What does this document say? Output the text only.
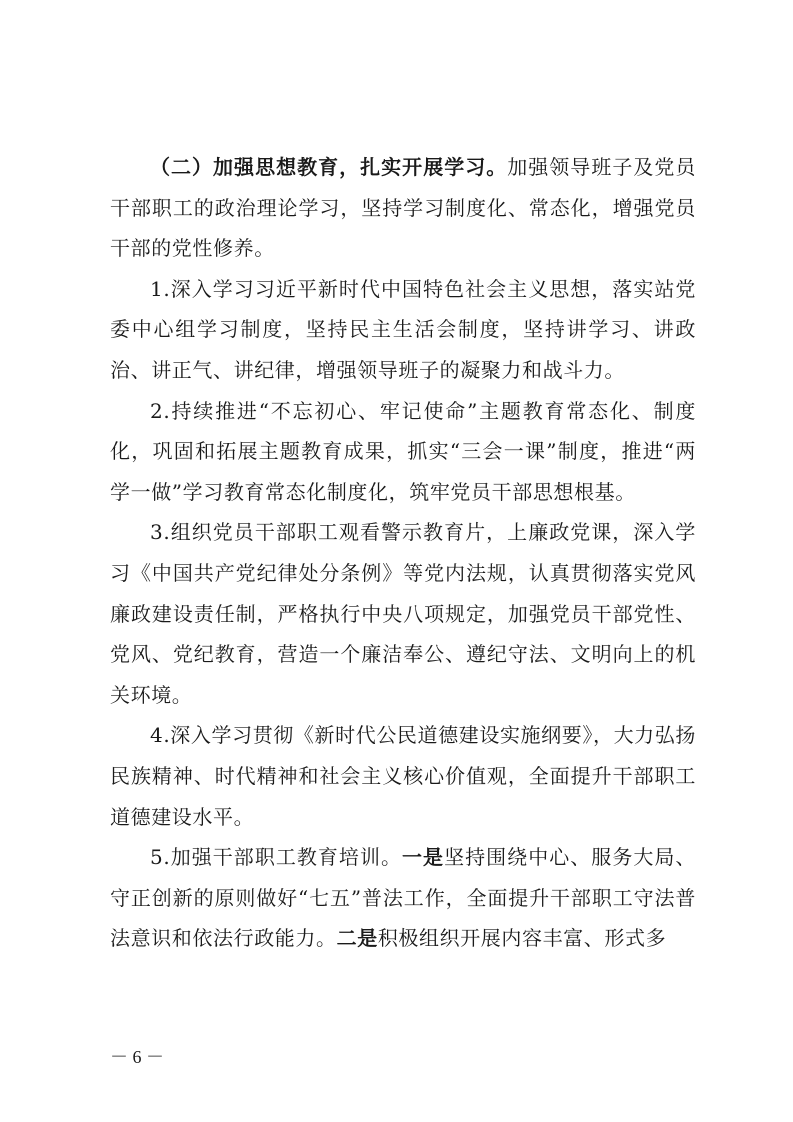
（二）加强思想教育，扎实开展学习。加强领导班子及党员干部职工的政治理论学习，坚持学习制度化、常态化，增强党员干部的党性修养。

1.深入学习习近平新时代中国特色社会主义思想，落实站党委中心组学习制度，坚持民主生活会制度，坚持讲学习、讲政治、讲正气、讲纪律，增强领导班子的凝聚力和战斗力。

2.持续推进“不忘初心、牢记使命”主题教育常态化、制度化，巩固和拓展主题教育成果，抓实“三会一课”制度，推进“两学一做”学习教育常态化制度化，筑牢党员干部思想根基。

3.组织党员干部职工观看警示教育片，上廉政党课，深入学习《中国共产党纪律处分条例》等党内法规，认真贯彻落实党风廉政建设责任制，严格执行中央八项规定，加强党员干部党性、党风、党纪教育，营造一个廉洁奉公、遵纪守法、文明向上的机关环境。

4.深入学习贯彻《新时代公民道德建设实施纲要》，大力弘扬民族精神、时代精神和社会主义核心价值观，全面提升干部职工道德建设水平。

5.加强干部职工教育培训。一是坚持围绕中心、服务大局、守正创新的原则做好“七五”普法工作，全面提升干部职工守法普法意识和依法行政能力。二是积极组织开展内容丰富、形式多

－ 6 －
